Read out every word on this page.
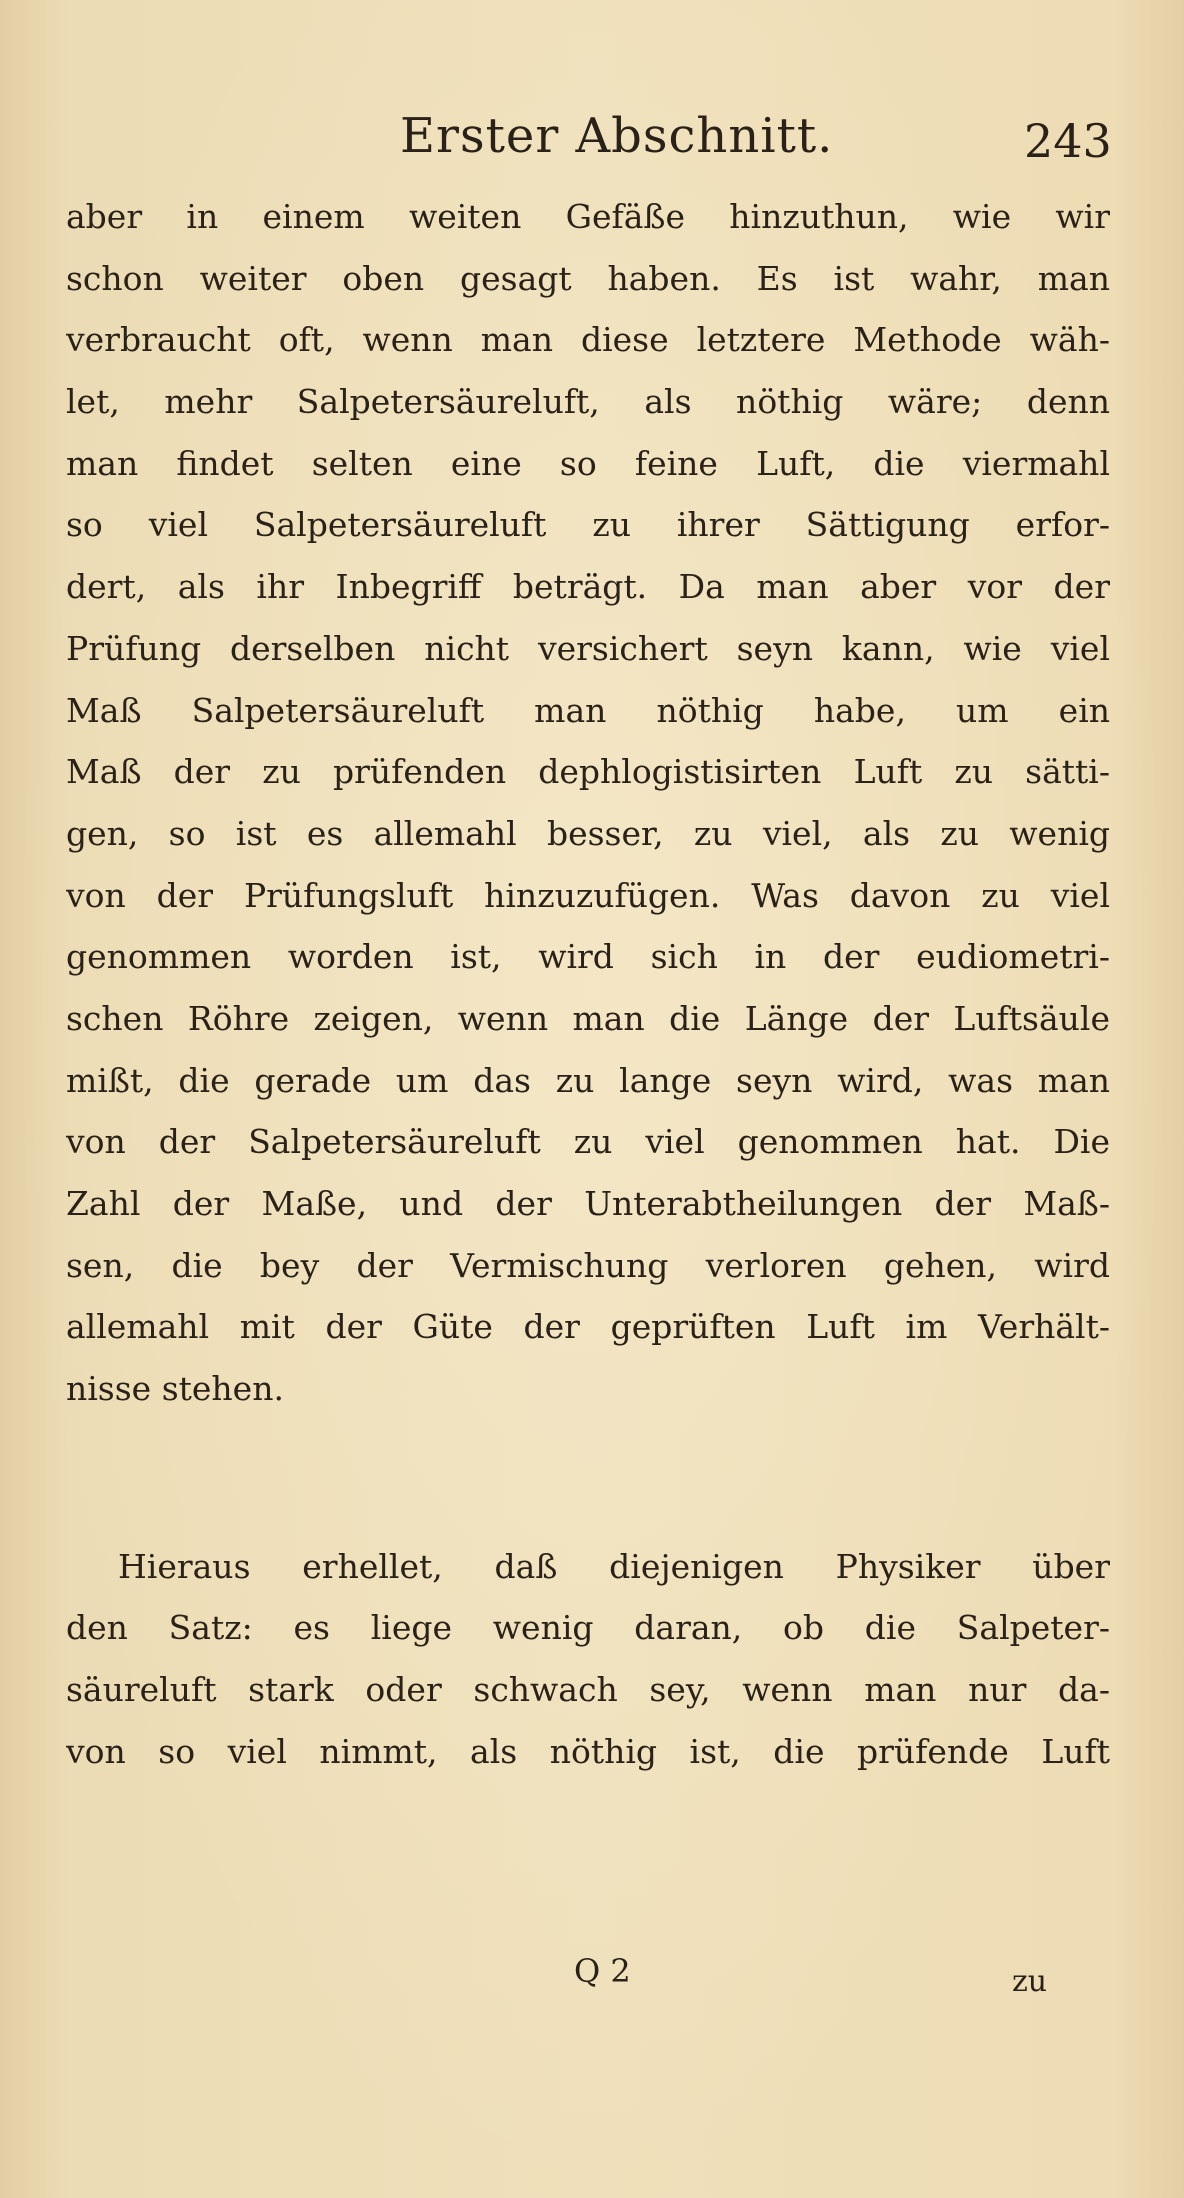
Erster Abschnitt.	243
aber in einem weiten Gefäße hinzuthun, wie wir
schon weiter oben gesagt haben. Es ist wahr, man
verbraucht oft, wenn man diese letztere Methode wäh-
let, mehr Salpetersäureluft, als nöthig wäre; denn
man findet selten eine so feine Luft, die viermahl
so viel Salpetersäureluft zu ihrer Sättigung erfor-
dert, als ihr Inbegriff beträgt. Da man aber vor der
Prüfung derselben nicht versichert seyn kann, wie viel
Maß Salpetersäureluft man nöthig habe, um ein
Maß der zu prüfenden dephlogistisirten Luft zu sätti-
gen, so ist es allemahl besser, zu viel, als zu wenig
von der Prüfungsluft hinzuzufügen. Was davon zu viel
genommen worden ist, wird sich in der eudiometri-
schen Röhre zeigen, wenn man die Länge der Luftsäule
mißt, die gerade um das zu lange seyn wird, was man
von der Salpetersäureluft zu viel genommen hat. Die
Zahl der Maße, und der Unterabtheilungen der Maß-
sen, die bey der Vermischung verloren gehen, wird
allemahl mit der Güte der geprüften Luft im Verhält-
nisse stehen.
Hieraus erhellet, daß diejenigen Physiker über
den Satz: es liege wenig daran, ob die Salpeter-
säureluft stark oder schwach sey, wenn man nur da-
von so viel nimmt, als nöthig ist, die prüfende Luft
Q 2	zu
